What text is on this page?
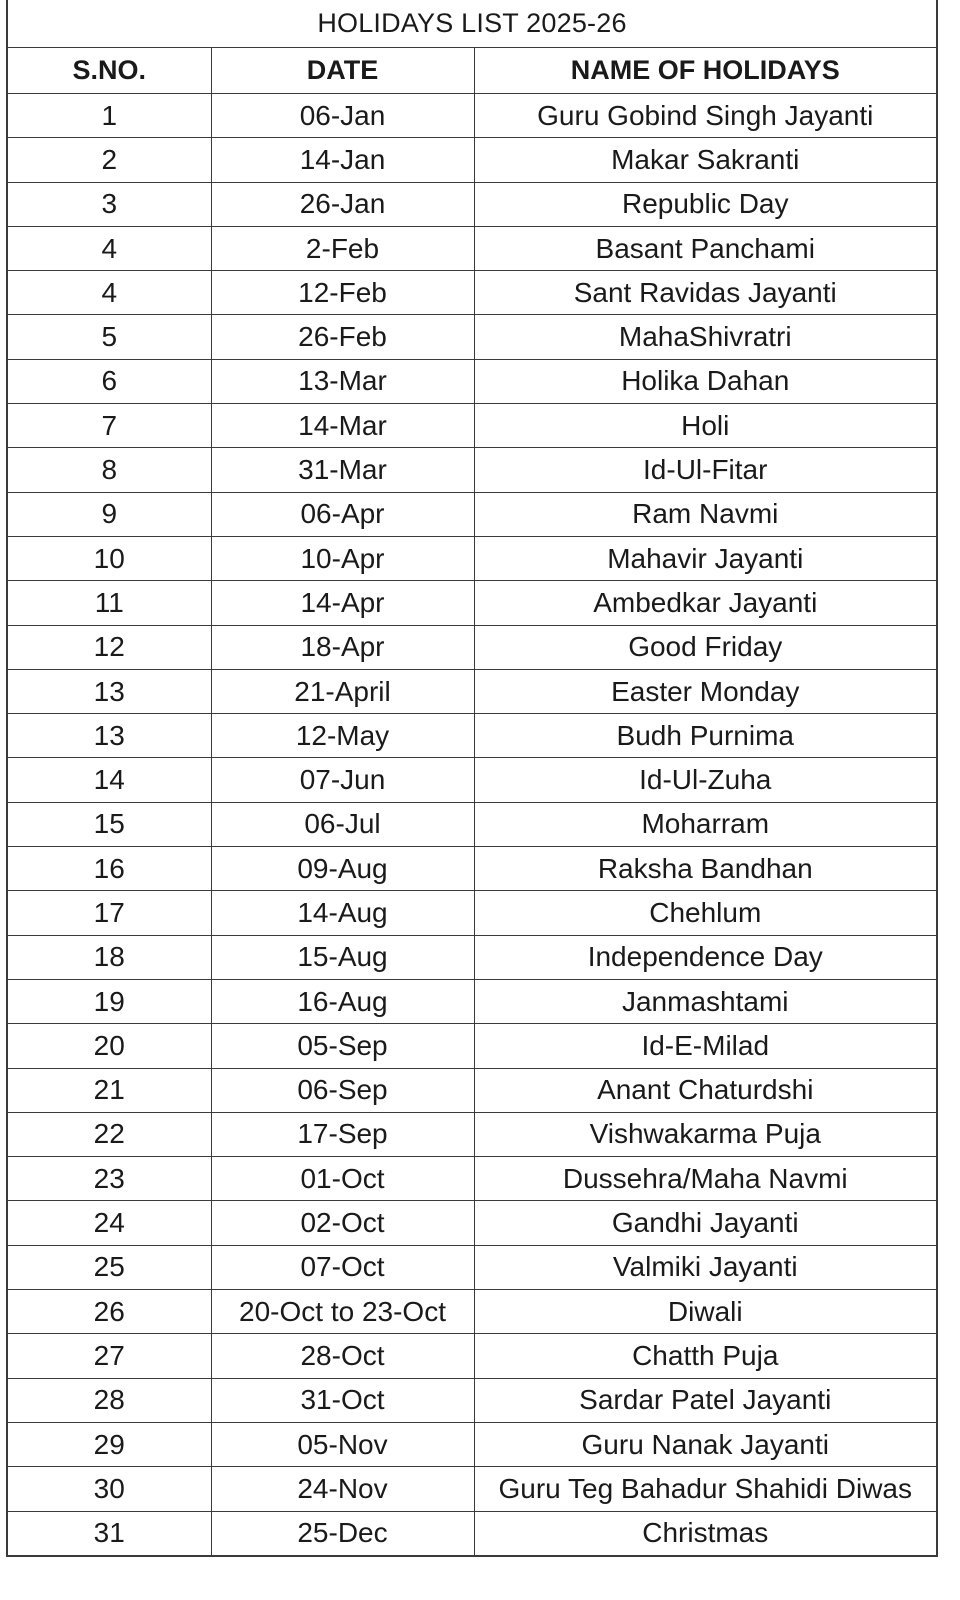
HOLIDAYS LIST 2025-26
S.NO.	DATE	NAME OF HOLIDAYS
1	06-Jan	Guru Gobind Singh Jayanti
2	14-Jan	Makar Sakranti
3	26-Jan	Republic Day
4	2-Feb	Basant Panchami
4	12-Feb	Sant Ravidas Jayanti
5	26-Feb	MahaShivratri
6	13-Mar	Holika Dahan
7	14-Mar	Holi
8	31-Mar	Id-Ul-Fitar
9	06-Apr	Ram Navmi
10	10-Apr	Mahavir Jayanti
11	14-Apr	Ambedkar Jayanti
12	18-Apr	Good Friday
13	21-April	Easter Monday
13	12-May	Budh Purnima
14	07-Jun	Id-Ul-Zuha
15	06-Jul	Moharram
16	09-Aug	Raksha Bandhan
17	14-Aug	Chehlum
18	15-Aug	Independence Day
19	16-Aug	Janmashtami
20	05-Sep	Id-E-Milad
21	06-Sep	Anant Chaturdshi
22	17-Sep	Vishwakarma Puja
23	01-Oct	Dussehra/Maha Navmi
24	02-Oct	Gandhi Jayanti
25	07-Oct	Valmiki Jayanti
26	20-Oct to 23-Oct	Diwali
27	28-Oct	Chatth Puja
28	31-Oct	Sardar Patel Jayanti
29	05-Nov	Guru Nanak Jayanti
30	24-Nov	Guru Teg Bahadur Shahidi Diwas
31	25-Dec	Christmas
